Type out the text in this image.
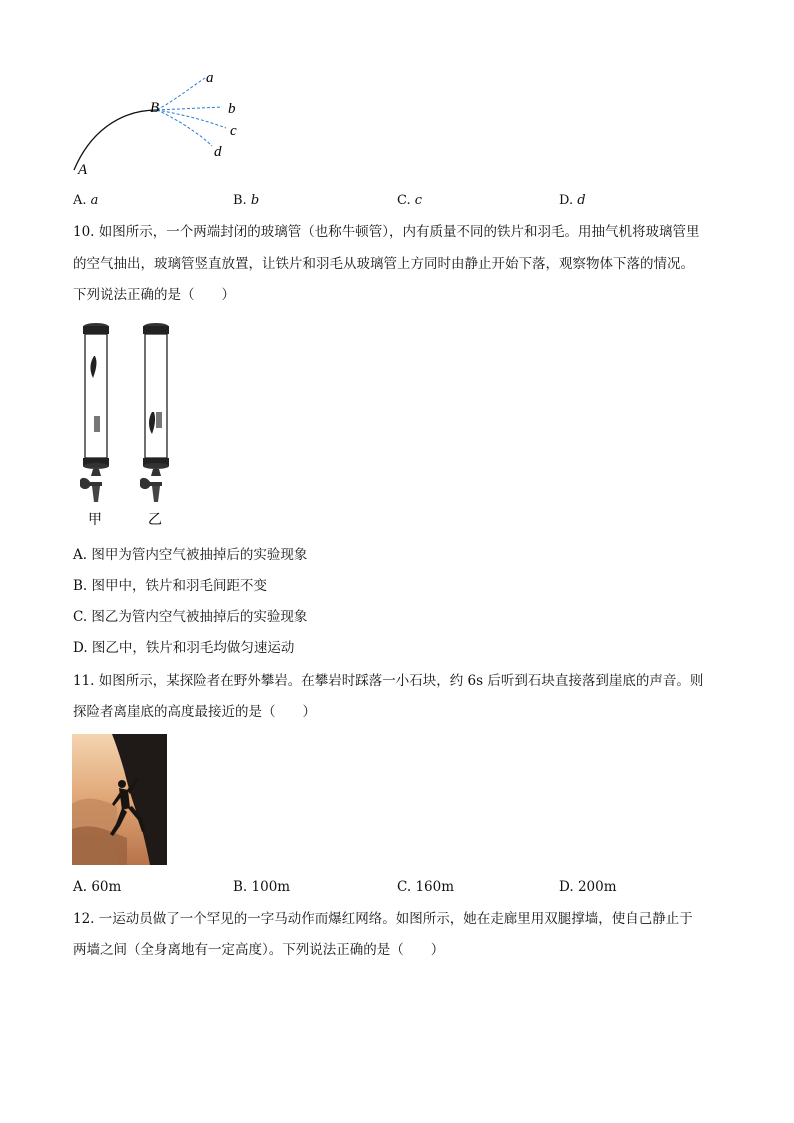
a
b
c
d
B
A
A. a	B. b	C. c	D. d
10. 如图所示，一个两端封闭的玻璃管（也称牛顿管），内有质量不同的铁片和羽毛。用抽气机将玻璃管里
的空气抽出，玻璃管竖直放置，让铁片和羽毛从玻璃管上方同时由静止开始下落，观察物体下落的情况。
下列说法正确的是（　　）
甲	乙
A. 图甲为管内空气被抽掉后的实验现象
B. 图甲中，铁片和羽毛间距不变
C. 图乙为管内空气被抽掉后的实验现象
D. 图乙中，铁片和羽毛均做匀速运动
11. 如图所示，某探险者在野外攀岩。在攀岩时踩落一小石块，约 6s 后听到石块直接落到崖底的声音。则
探险者离崖底的高度最接近的是（　　）
A. 60m	B. 100m	C. 160m	D. 200m
12. 一运动员做了一个罕见的一字马动作而爆红网络。如图所示，她在走廊里用双腿撑墙，使自己静止于
两墙之间（全身离地有一定高度）。下列说法正确的是（　　）
